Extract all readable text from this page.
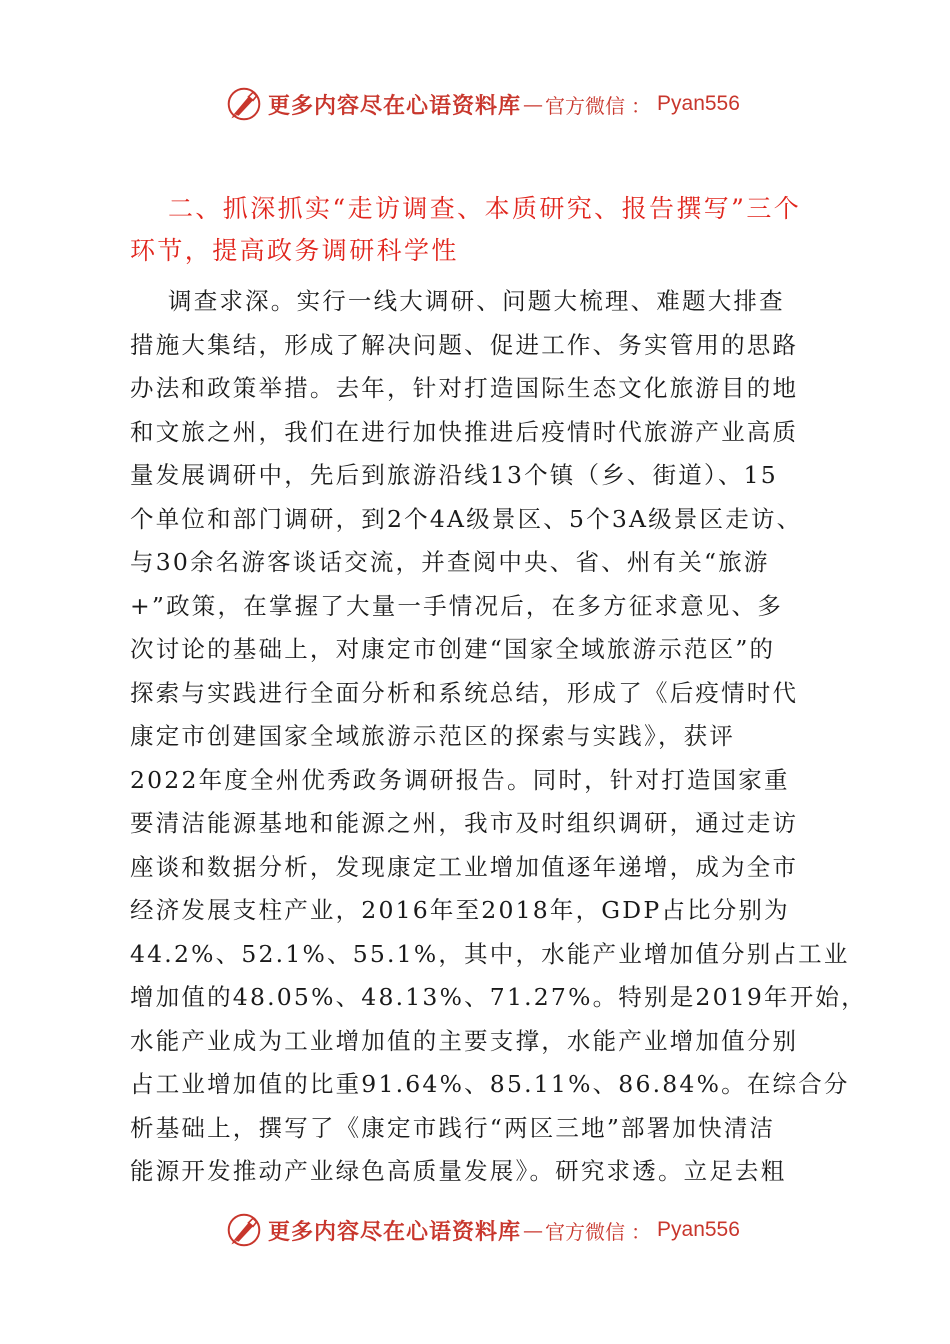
更多内容尽在心语资料库 — 官方微信 ： Pyan556
二、抓深抓实“走访调查、本质研究、报告撰写”三个
环节，提高政务调研科学性
调查求深。实行一线大调研、问题大梳理、难题大排查
措施大集结，形成了解决问题、促进工作、务实管用的思路
办法和政策举措。去年，针对打造国际生态文化旅游目的地
和文旅之州，我们在进行加快推进后疫情时代旅游产业高质
量发展调研中，先后到旅游沿线13个镇（乡、街道）、15
个单位和部门调研，到2个4A级景区、5个3A级景区走访、
与30余名游客谈话交流，并查阅中央、省、州有关“旅游
+”政策，在掌握了大量一手情况后，在多方征求意见、多
次讨论的基础上，对康定市创建“国家全域旅游示范区”的
探索与实践进行全面分析和系统总结，形成了《后疫情时代
康定市创建国家全域旅游示范区的探索与实践》，获评
2022年度全州优秀政务调研报告。同时，针对打造国家重
要清洁能源基地和能源之州，我市及时组织调研，通过走访
座谈和数据分析，发现康定工业增加值逐年递增，成为全市
经济发展支柱产业，2016年至2018年，GDP占比分别为
44.2%、52.1%、55.1%，其中，水能产业增加值分别占工业
增加值的48.05%、48.13%、71.27%。特别是2019年开始，
水能产业成为工业增加值的主要支撑，水能产业增加值分别
占工业增加值的比重91.64%、85.11%、86.84%。在综合分
析基础上，撰写了《康定市践行“两区三地”部署加快清洁
能源开发推动产业绿色高质量发展》。研究求透。立足去粗
更多内容尽在心语资料库 — 官方微信 ： Pyan556
